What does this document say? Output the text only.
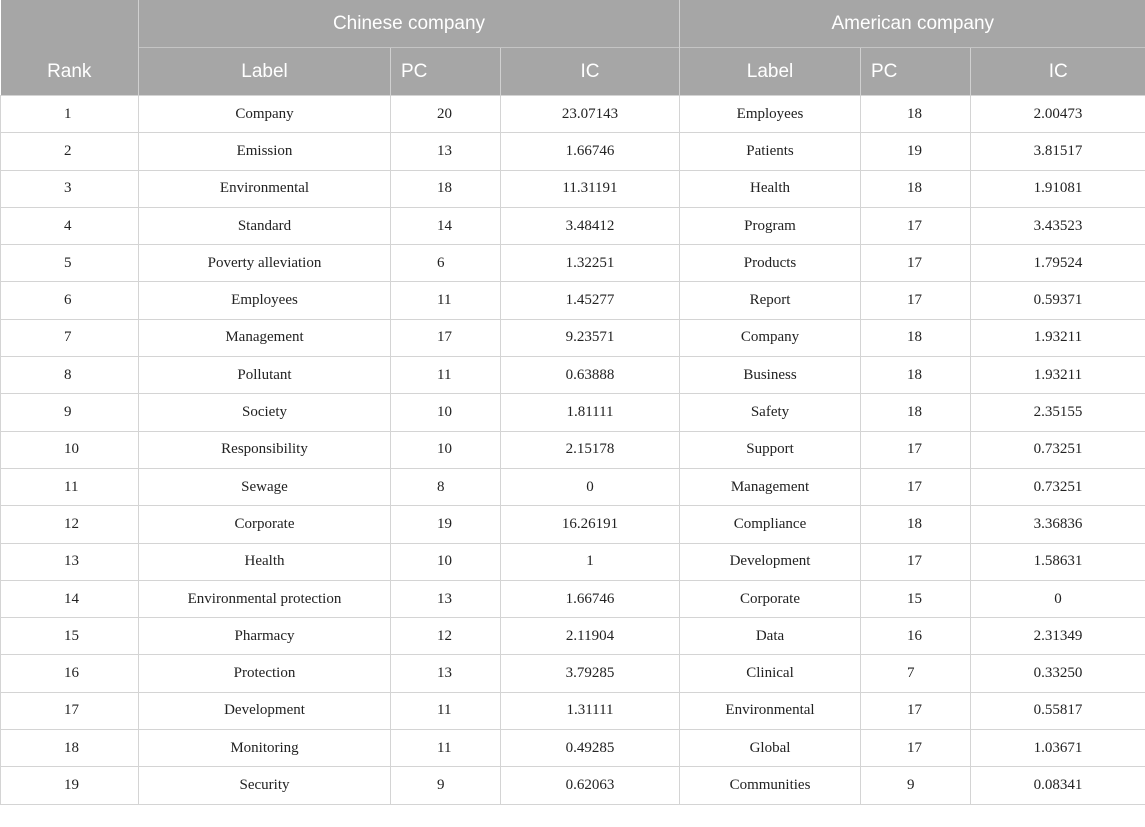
Rank	Chinese company			American company		
	Label	PC	IC	Label	PC	IC
1	Company	20	23.07143	Employees	18	2.00473
2	Emission	13	1.66746	Patients	19	3.81517
3	Environmental	18	11.31191	Health	18	1.91081
4	Standard	14	3.48412	Program	17	3.43523
5	Poverty alleviation	6	1.32251	Products	17	1.79524
6	Employees	11	1.45277	Report	17	0.59371
7	Management	17	9.23571	Company	18	1.93211
8	Pollutant	11	0.63888	Business	18	1.93211
9	Society	10	1.81111	Safety	18	2.35155
10	Responsibility	10	2.15178	Support	17	0.73251
11	Sewage	8	0	Management	17	0.73251
12	Corporate	19	16.26191	Compliance	18	3.36836
13	Health	10	1	Development	17	1.58631
14	Environmental protection	13	1.66746	Corporate	15	0
15	Pharmacy	12	2.11904	Data	16	2.31349
16	Protection	13	3.79285	Clinical	7	0.33250
17	Development	11	1.31111	Environmental	17	0.55817
18	Monitoring	11	0.49285	Global	17	1.03671
19	Security	9	0.62063	Communities	9	0.08341
